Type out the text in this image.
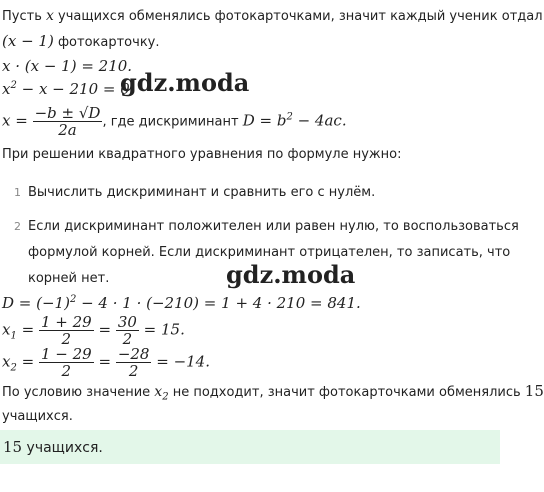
Пусть x учащихся обменялись фотокарточками, значит каждый ученик отдал
(x − 1) фотокарточку.
x · (x − 1) = 210.
$x^2 - x - 210 = 0$.
$x = \frac{-b \pm √D}{2a}$ , где дискриминант $D = b^2 - 4ac$.
При решении квадратного уравнения по формуле нужно:
1 Вычислить дискриминант и сравнить его с нулём.
2 Если дискриминант положителен или равен нулю, то воспользоваться
формулой корней. Если дискриминант отрицателен, то записать, что
корней нет.
$D = (-1)^2 - 4 \cdot 1 \cdot (-210) = 1 + 4 \cdot 210 = 841$.
$x_1 = \frac{1 + 29}{2} = \frac{30}{2} = 15$.
$x_2 = \frac{1 - 29}{2} = \frac{-28}{2} = -14$.
По условию значение $x_2$ не подходит, значит фотокарточками обменялись 15
учащихся.
15 учащихся.
gdz.moda
gdz.moda
